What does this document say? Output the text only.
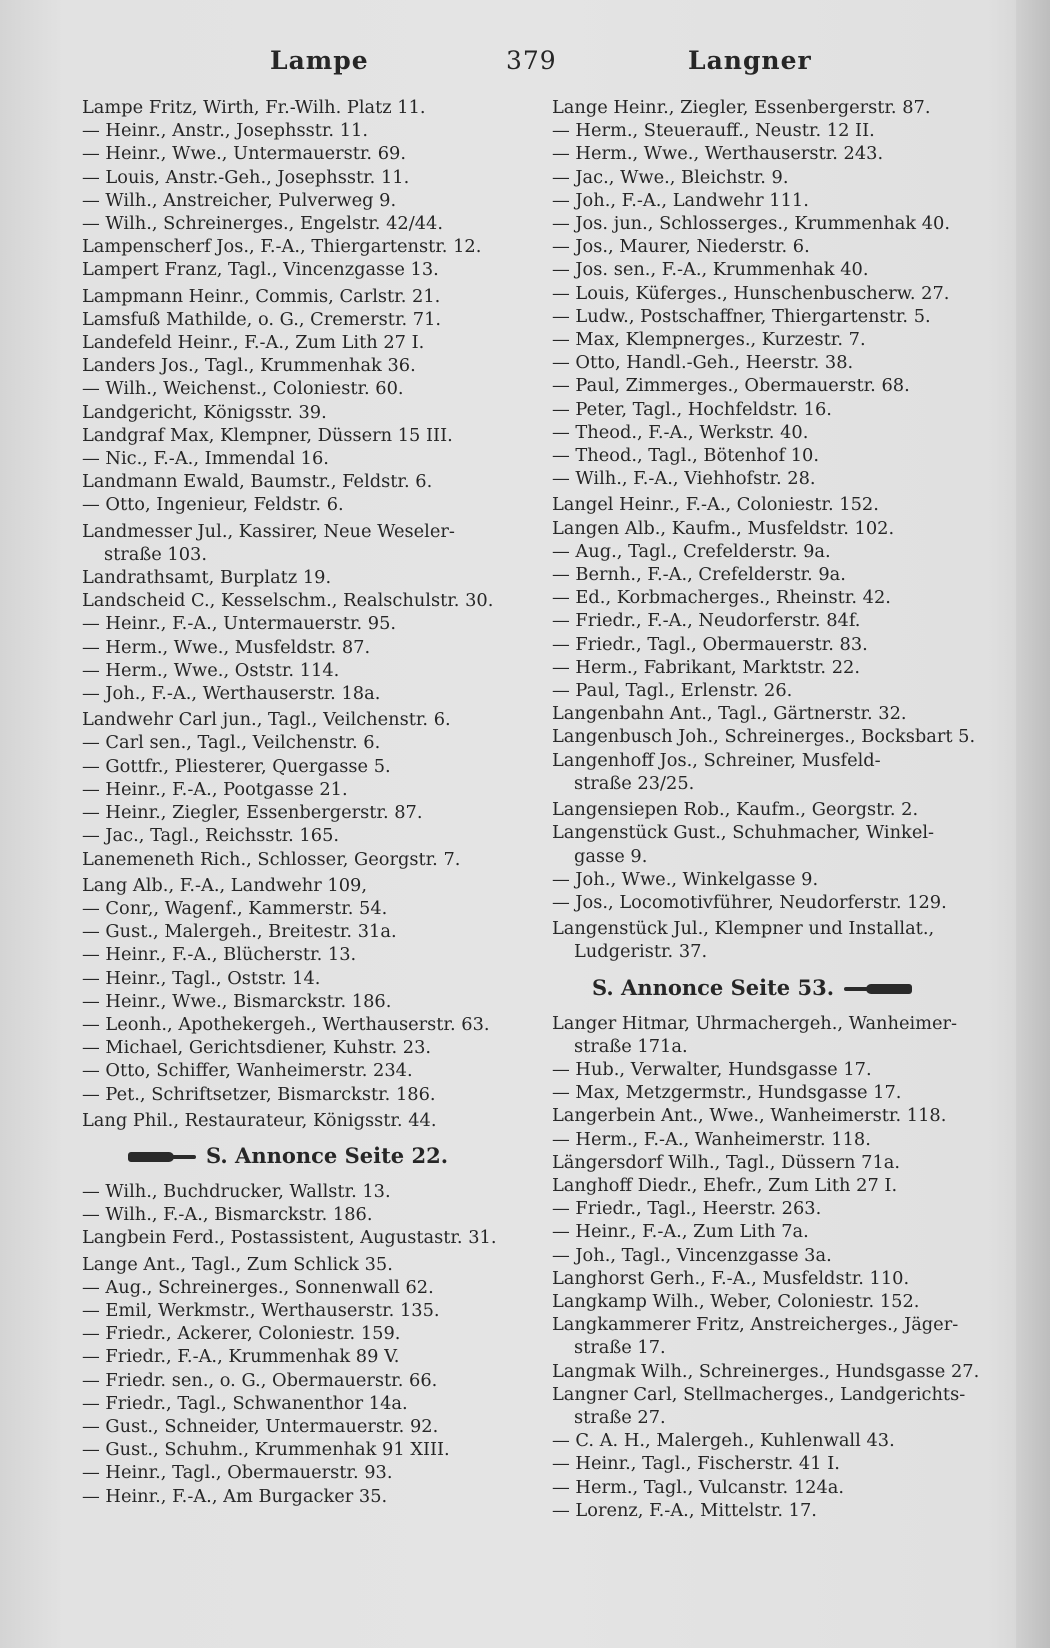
Lampe	379	Langner
Lampe Fritz, Wirth, Fr.-Wilh. Platz 11.
— Heinr., Anstr., Josephsstr. 11.
— Heinr., Wwe., Untermauerstr. 69.
— Louis, Anstr.-Geh., Josephsstr. 11.
— Wilh., Anstreicher, Pulverweg 9.
— Wilh., Schreinerges., Engelstr. 42/44.
Lampenscherf Jos., F.-A., Thiergartenstr. 12.
Lampert Franz, Tagl., Vincenzgasse 13.
Lampmann Heinr., Commis, Carlstr. 21.
Lamsfuß Mathilde, o. G., Cremerstr. 71.
Landefeld Heinr., F.-A., Zum Lith 27 I.
Landers Jos., Tagl., Krummenhak 36.
— Wilh., Weichenst., Coloniestr. 60.
Landgericht, Königsstr. 39.
Landgraf Max, Klempner, Düssern 15 III.
— Nic., F.-A., Immendal 16.
Landmann Ewald, Baumstr., Feldstr. 6.
— Otto, Ingenieur, Feldstr. 6.
Landmesser Jul., Kassirer, Neue Weseler-
straße 103.
Landrathsamt, Burplatz 19.
Landscheid C., Kesselschm., Realschulstr. 30.
— Heinr., F.-A., Untermauerstr. 95.
— Herm., Wwe., Musfeldstr. 87.
— Herm., Wwe., Oststr. 114.
— Joh., F.-A., Werthauserstr. 18a.
Landwehr Carl jun., Tagl., Veilchenstr. 6.
— Carl sen., Tagl., Veilchenstr. 6.
— Gottfr., Pliesterer, Quergasse 5.
— Heinr., F.-A., Pootgasse 21.
— Heinr., Ziegler, Essenbergerstr. 87.
— Jac., Tagl., Reichsstr. 165.
Lanemeneth Rich., Schlosser, Georgstr. 7.
Lang Alb., F.-A., Landwehr 109,
— Conr,, Wagenf., Kammerstr. 54.
— Gust., Malergeh., Breitestr. 31a.
— Heinr., F.-A., Blücherstr. 13.
— Heinr., Tagl., Oststr. 14.
— Heinr., Wwe., Bismarckstr. 186.
— Leonh., Apothekergeh., Werthauserstr. 63.
— Michael, Gerichtsdiener, Kuhstr. 23.
— Otto, Schiffer, Wanheimerstr. 234.
— Pet., Schriftsetzer, Bismarckstr. 186.
Lang Phil., Restaurateur, Königsstr. 44.
S. Annonce Seite 22.
— Wilh., Buchdrucker, Wallstr. 13.
— Wilh., F.-A., Bismarckstr. 186.
Langbein Ferd., Postassistent, Augustastr. 31.
Lange Ant., Tagl., Zum Schlick 35.
— Aug., Schreinerges., Sonnenwall 62.
— Emil, Werkmstr., Werthauserstr. 135.
— Friedr., Ackerer, Coloniestr. 159.
— Friedr., F.-A., Krummenhak 89 V.
— Friedr. sen., o. G., Obermauerstr. 66.
— Friedr., Tagl., Schwanenthor 14a.
— Gust., Schneider, Untermauerstr. 92.
— Gust., Schuhm., Krummenhak 91 XIII.
— Heinr., Tagl., Obermauerstr. 93.
— Heinr., F.-A., Am Burgacker 35.
Lange Heinr., Ziegler, Essenbergerstr. 87.
— Herm., Steuerauff., Neustr. 12 II.
— Herm., Wwe., Werthauserstr. 243.
— Jac., Wwe., Bleichstr. 9.
— Joh., F.-A., Landwehr 111.
— Jos. jun., Schlosserges., Krummenhak 40.
— Jos., Maurer, Niederstr. 6.
— Jos. sen., F.-A., Krummenhak 40.
— Louis, Küferges., Hunschenbuscherw. 27.
— Ludw., Postschaffner, Thiergartenstr. 5.
— Max, Klempnerges., Kurzestr. 7.
— Otto, Handl.-Geh., Heerstr. 38.
— Paul, Zimmerges., Obermauerstr. 68.
— Peter, Tagl., Hochfeldstr. 16.
— Theod., F.-A., Werkstr. 40.
— Theod., Tagl., Bötenhof 10.
— Wilh., F.-A., Viehhofstr. 28.
Langel Heinr., F.-A., Coloniestr. 152.
Langen Alb., Kaufm., Musfeldstr. 102.
— Aug., Tagl., Crefelderstr. 9a.
— Bernh., F.-A., Crefelderstr. 9a.
— Ed., Korbmacherges., Rheinstr. 42.
— Friedr., F.-A., Neudorferstr. 84f.
— Friedr., Tagl., Obermauerstr. 83.
— Herm., Fabrikant, Marktstr. 22.
— Paul, Tagl., Erlenstr. 26.
Langenbahn Ant., Tagl., Gärtnerstr. 32.
Langenbusch Joh., Schreinerges., Bocksbart 5.
Langenhoff Jos., Schreiner, Musfeld-
straße 23/25.
Langensiepen Rob., Kaufm., Georgstr. 2.
Langenstück Gust., Schuhmacher, Winkel-
gasse 9.
— Joh., Wwe., Winkelgasse 9.
— Jos., Locomotivführer, Neudorferstr. 129.
Langenstück Jul., Klempner und Installat.,
Ludgeristr. 37.
S. Annonce Seite 53.
Langer Hitmar, Uhrmachergeh., Wanheimer-
straße 171a.
— Hub., Verwalter, Hundsgasse 17.
— Max, Metzgermstr., Hundsgasse 17.
Langerbein Ant., Wwe., Wanheimerstr. 118.
— Herm., F.-A., Wanheimerstr. 118.
Längersdorf Wilh., Tagl., Düssern 71a.
Langhoff Diedr., Ehefr., Zum Lith 27 I.
— Friedr., Tagl., Heerstr. 263.
— Heinr., F.-A., Zum Lith 7a.
— Joh., Tagl., Vincenzgasse 3a.
Langhorst Gerh., F.-A., Musfeldstr. 110.
Langkamp Wilh., Weber, Coloniestr. 152.
Langkammerer Fritz, Anstreicherges., Jäger-
straße 17.
Langmak Wilh., Schreinerges., Hundsgasse 27.
Langner Carl, Stellmacherges., Landgerichts-
straße 27.
— C. A. H., Malergeh., Kuhlenwall 43.
— Heinr., Tagl., Fischerstr. 41 I.
— Herm., Tagl., Vulcanstr. 124a.
— Lorenz, F.-A., Mittelstr. 17.
